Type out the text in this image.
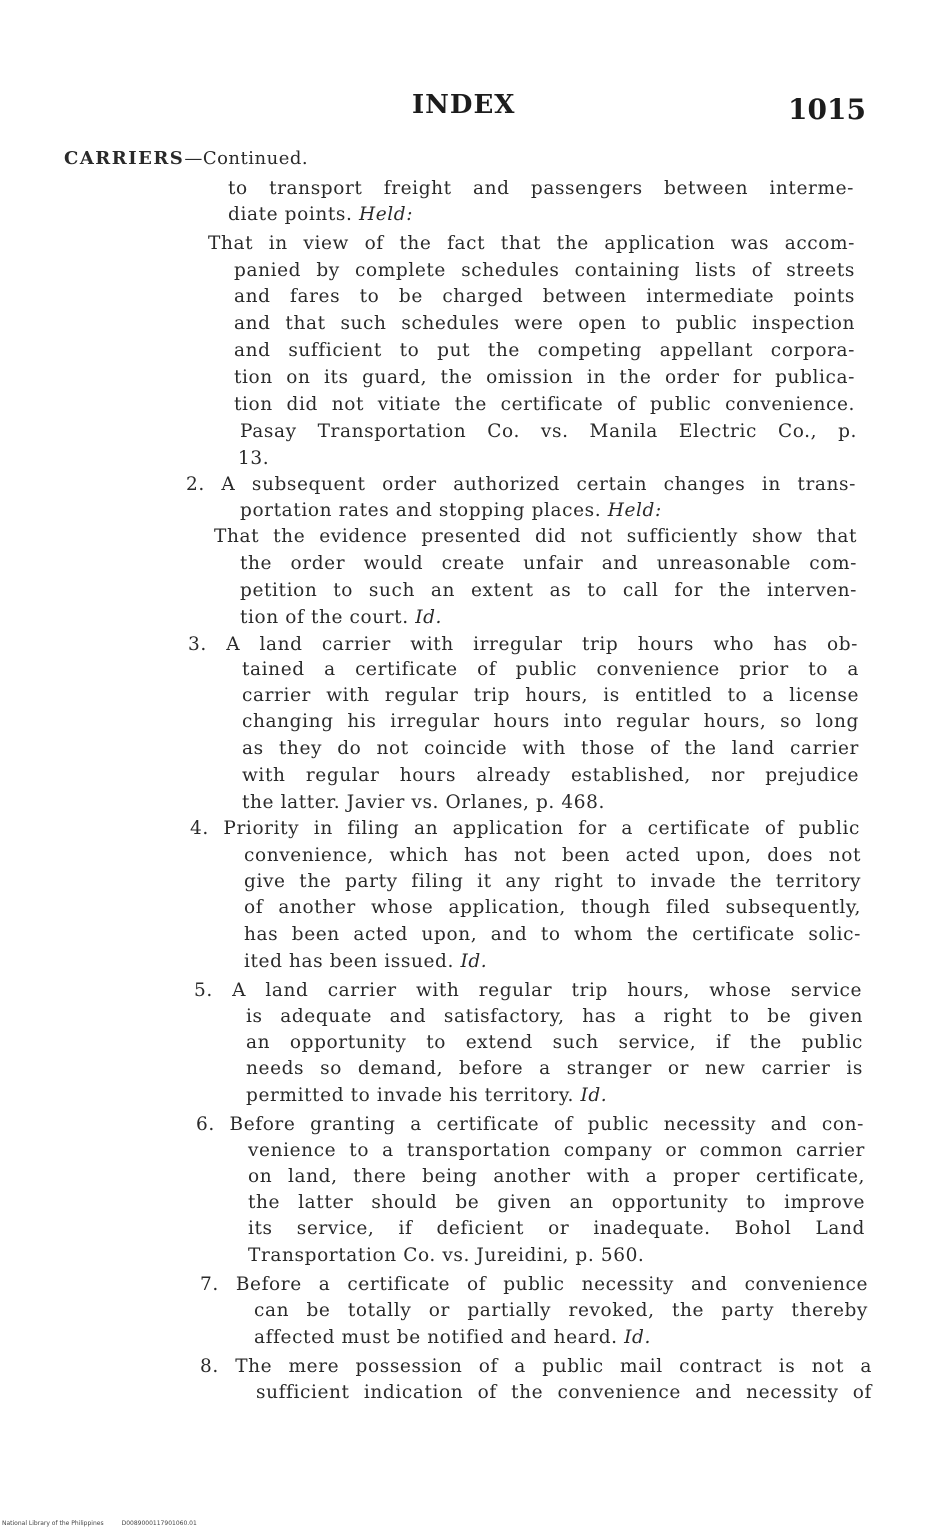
INDEX	1015
CARRIERS—Continued.
to transport freight and passengers between interme-
diate points. Held:
That in view of the fact that the application was accom-
panied by complete schedules containing lists of streets
and fares to be charged between intermediate points
and that such schedules were open to public inspection
and sufficient to put the competing appellant corpora-
tion on its guard, the omission in the order for publica-
tion did not vitiate the certificate of public convenience.
Pasay Transportation Co. vs. Manila Electric Co., p.
13.
2. A subsequent order authorized certain changes in trans-
portation rates and stopping places. Held:
That the evidence presented did not sufficiently show that
the order would create unfair and unreasonable com-
petition to such an extent as to call for the interven-
tion of the court. Id.
3. A land carrier with irregular trip hours who has ob-
tained a certificate of public convenience prior to a
carrier with regular trip hours, is entitled to a license
changing his irregular hours into regular hours, so long
as they do not coincide with those of the land carrier
with regular hours already established, nor prejudice
the latter. Javier vs. Orlanes, p. 468.
4. Priority in filing an application for a certificate of public
convenience, which has not been acted upon, does not
give the party filing it any right to invade the territory
of another whose application, though filed subsequently,
has been acted upon, and to whom the certificate solic-
ited has been issued. Id.
5. A land carrier with regular trip hours, whose service
is adequate and satisfactory, has a right to be given
an opportunity to extend such service, if the public
needs so demand, before a stranger or new carrier is
permitted to invade his territory. Id.
6. Before granting a certificate of public necessity and con-
venience to a transportation company or common carrier
on land, there being another with a proper certificate,
the latter should be given an opportunity to improve
its service, if deficient or inadequate. Bohol Land
Transportation Co. vs. Jureidini, p. 560.
7. Before a certificate of public necessity and convenience
can be totally or partially revoked, the party thereby
affected must be notified and heard. Id.
8. The mere possession of a public mail contract is not a
sufficient indication of the convenience and necessity of
National Library of the Philippines	D0089000117901060.01
